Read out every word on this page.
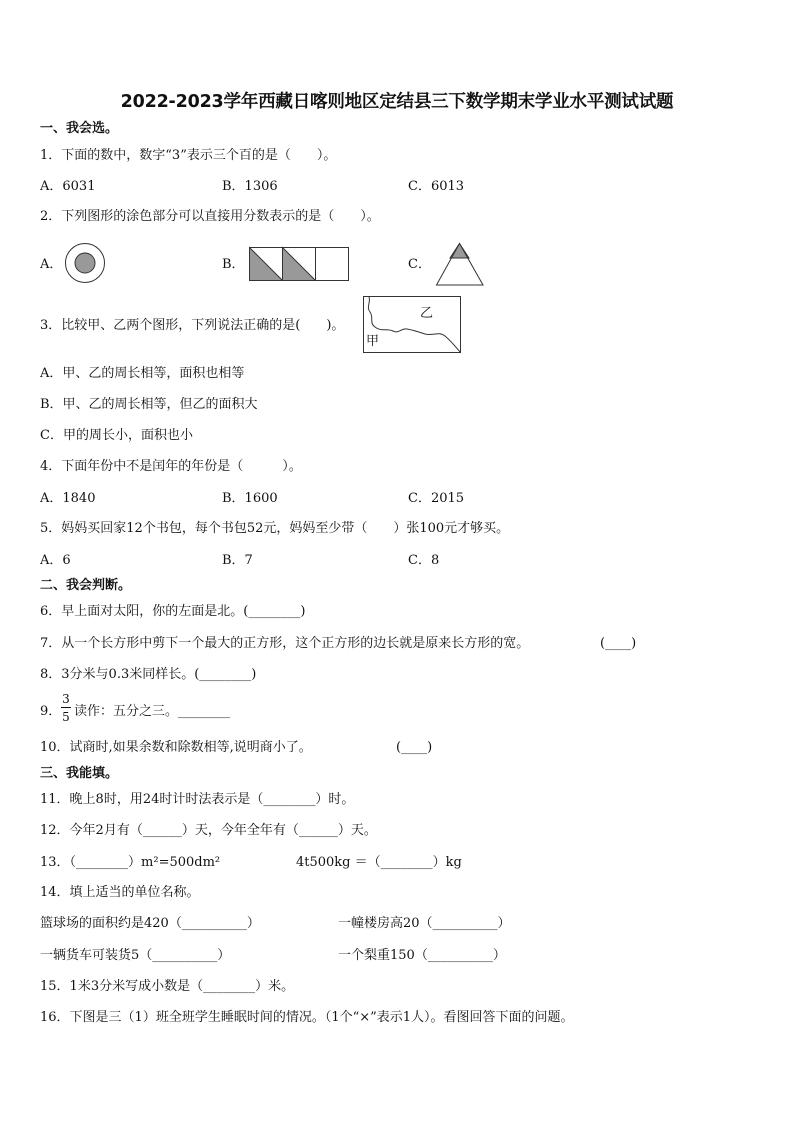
2022-2023学年西藏日喀则地区定结县三下数学期末学业水平测试试题
一、我会选。
1．下面的数中，数字“3”表示三个百的是（　　）。
A．6031	B．1306	C．6013
2．下列图形的涂色部分可以直接用分数表示的是（　　）。
A．	B．	C．
3．比较甲、乙两个图形，下列说法正确的是(　　)。
甲
乙
A．甲、乙的周长相等，面积也相等
B．甲、乙的周长相等，但乙的面积大
C．甲的周长小，面积也小
4．下面年份中不是闰年的年份是（　　　）。
A．1840	B．1600	C．2015
5．妈妈买回家12个书包，每个书包52元，妈妈至少带（　　）张100元才够买。
A．6	B．7	C．8
二、我会判断。
6．早上面对太阳，你的左面是北。(________)
7．从一个长方形中剪下一个最大的正方形，这个正方形的边长就是原来长方形的宽。	(____)
8．3分米与0.3米同样长。(________)
9．
3
5 读作：五分之三。________
10．试商时,如果余数和除数相等,说明商小了。	(____)
三、我能填。
11．晚上8时，用24时计时法表示是（________）时。
12．今年2月有（______）天，今年全年有（______）天。
13．（________）m²=500dm²	4t500kg ＝（________）kg
14．填上适当的单位名称。
篮球场的面积约是420（__________）	一幢楼房高20（__________）
一辆货车可装货5（__________）	一个梨重150（__________）
15．1米3分米写成小数是（________）米。
16．下图是三（1）班全班学生睡眠时间的情况。（1个“×”表示1人）。看图回答下面的问题。
